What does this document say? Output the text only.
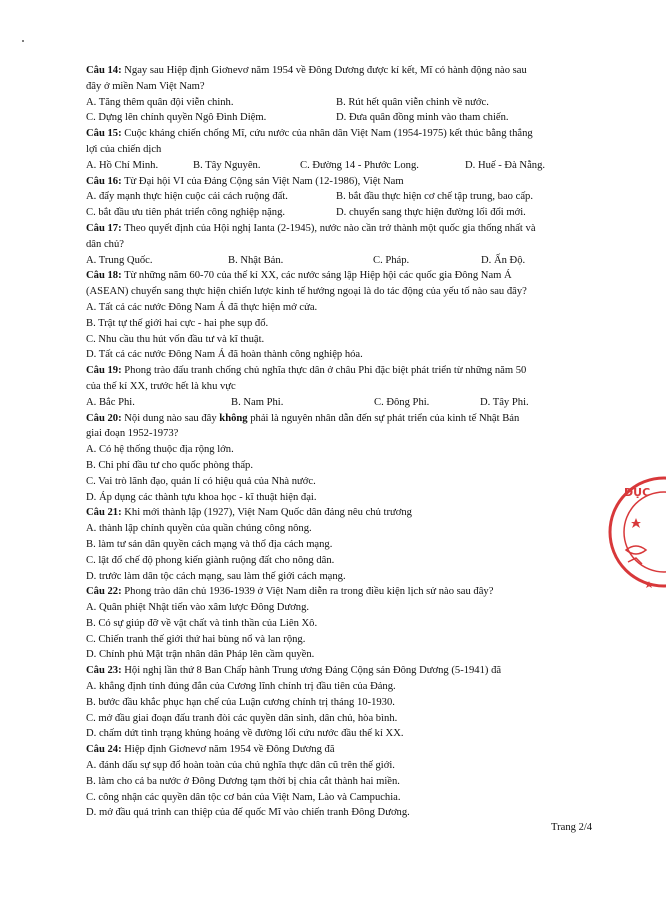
Câu 14: Ngay sau Hiệp định Giơnevơ năm 1954 về Đông Dương được kí kết, Mĩ có hành động nào sau
đây ở miền Nam Việt Nam?
A. Tăng thêm quân đội viễn chinh.	B. Rút hết quân viễn chinh về nước.
C. Dựng lên chính quyền Ngô Đình Diệm.	D. Đưa quân đồng minh vào tham chiến.
Câu 15: Cuộc kháng chiến chống Mĩ, cứu nước của nhân dân Việt Nam (1954-1975) kết thúc bằng thắng
lợi của chiến dịch
A. Hồ Chí Minh.	B. Tây Nguyên.	C. Đường 14 - Phước Long.	D. Huế - Đà Nẵng.
Câu 16: Từ Đại hội VI của Đảng Cộng sản Việt Nam (12-1986), Việt Nam
A. đẩy mạnh thực hiện cuộc cải cách ruộng đất.	B. bắt đầu thực hiện cơ chế tập trung, bao cấp.
C. bắt đầu ưu tiên phát triển công nghiệp nặng.	D. chuyển sang thực hiện đường lối đổi mới.
Câu 17: Theo quyết định của Hội nghị Ianta (2-1945), nước nào cần trở thành một quốc gia thống nhất và
dân chủ?
A. Trung Quốc.	B. Nhật Bản.	C. Pháp.	D. Ấn Độ.
Câu 18: Từ những năm 60-70 của thế kỉ XX, các nước sáng lập Hiệp hội các quốc gia Đông Nam Á
(ASEAN) chuyển sang thực hiện chiến lược kinh tế hướng ngoại là do tác động của yếu tố nào sau đây?
A. Tất cả các nước Đông Nam Á đã thực hiện mở cửa.
B. Trật tự thế giới hai cực - hai phe sụp đổ.
C. Nhu cầu thu hút vốn đầu tư và kĩ thuật.
D. Tất cả các nước Đông Nam Á đã hoàn thành công nghiệp hóa.
Câu 19: Phong trào đấu tranh chống chủ nghĩa thực dân ở châu Phi đặc biệt phát triển từ những năm 50
của thế kỉ XX, trước hết là khu vực
A. Bắc Phi.	B. Nam Phi.	C. Đông Phi.	D. Tây Phi.
Câu 20: Nội dung nào sau đây không phải là nguyên nhân dẫn đến sự phát triển của kinh tế Nhật Bản
giai đoạn 1952-1973?
A. Có hệ thống thuộc địa rộng lớn.
B. Chi phí đầu tư cho quốc phòng thấp.
C. Vai trò lãnh đạo, quản lí có hiệu quả của Nhà nước.
D. Áp dụng các thành tựu khoa học - kĩ thuật hiện đại.
Câu 21: Khi mới thành lập (1927), Việt Nam Quốc dân đảng nêu chủ trương
A. thành lập chính quyền của quần chúng công nông.
B. làm tư sản dân quyền cách mạng và thổ địa cách mạng.
C. lật đổ chế độ phong kiến giành ruộng đất cho nông dân.
D. trước làm dân tộc cách mạng, sau làm thế giới cách mạng.
Câu 22: Phong trào dân chủ 1936-1939 ở Việt Nam diễn ra trong điều kiện lịch sử nào sau đây?
A. Quân phiệt Nhật tiến vào xâm lược Đông Dương.
B. Có sự giúp đỡ về vật chất và tinh thần của Liên Xô.
C. Chiến tranh thế giới thứ hai bùng nổ và lan rộng.
D. Chính phủ Mặt trận nhân dân Pháp lên cầm quyền.
Câu 23: Hội nghị lần thứ 8 Ban Chấp hành Trung ương Đảng Cộng sản Đông Dương (5-1941) đã
A. khẳng định tính đúng đắn của Cương lĩnh chính trị đầu tiên của Đảng.
B. bước đầu khắc phục hạn chế của Luận cương chính trị tháng 10-1930.
C. mở đầu giai đoạn đấu tranh đòi các quyền dân sinh, dân chủ, hòa bình.
D. chấm dứt tình trạng khủng hoảng về đường lối cứu nước đầu thế kỉ XX.
Câu 24: Hiệp định Giơnevơ năm 1954 về Đông Dương đã
A. đánh dấu sự sụp đổ hoàn toàn của chủ nghĩa thực dân cũ trên thế giới.
B. làm cho cả ba nước ở Đông Dương tạm thời bị chia cắt thành hai miền.
C. công nhận các quyền dân tộc cơ bản của Việt Nam, Lào và Campuchia.
D. mở đầu quá trình can thiệp của đế quốc Mĩ vào chiến tranh Đông Dương.
DỤC
Trang 2/4
